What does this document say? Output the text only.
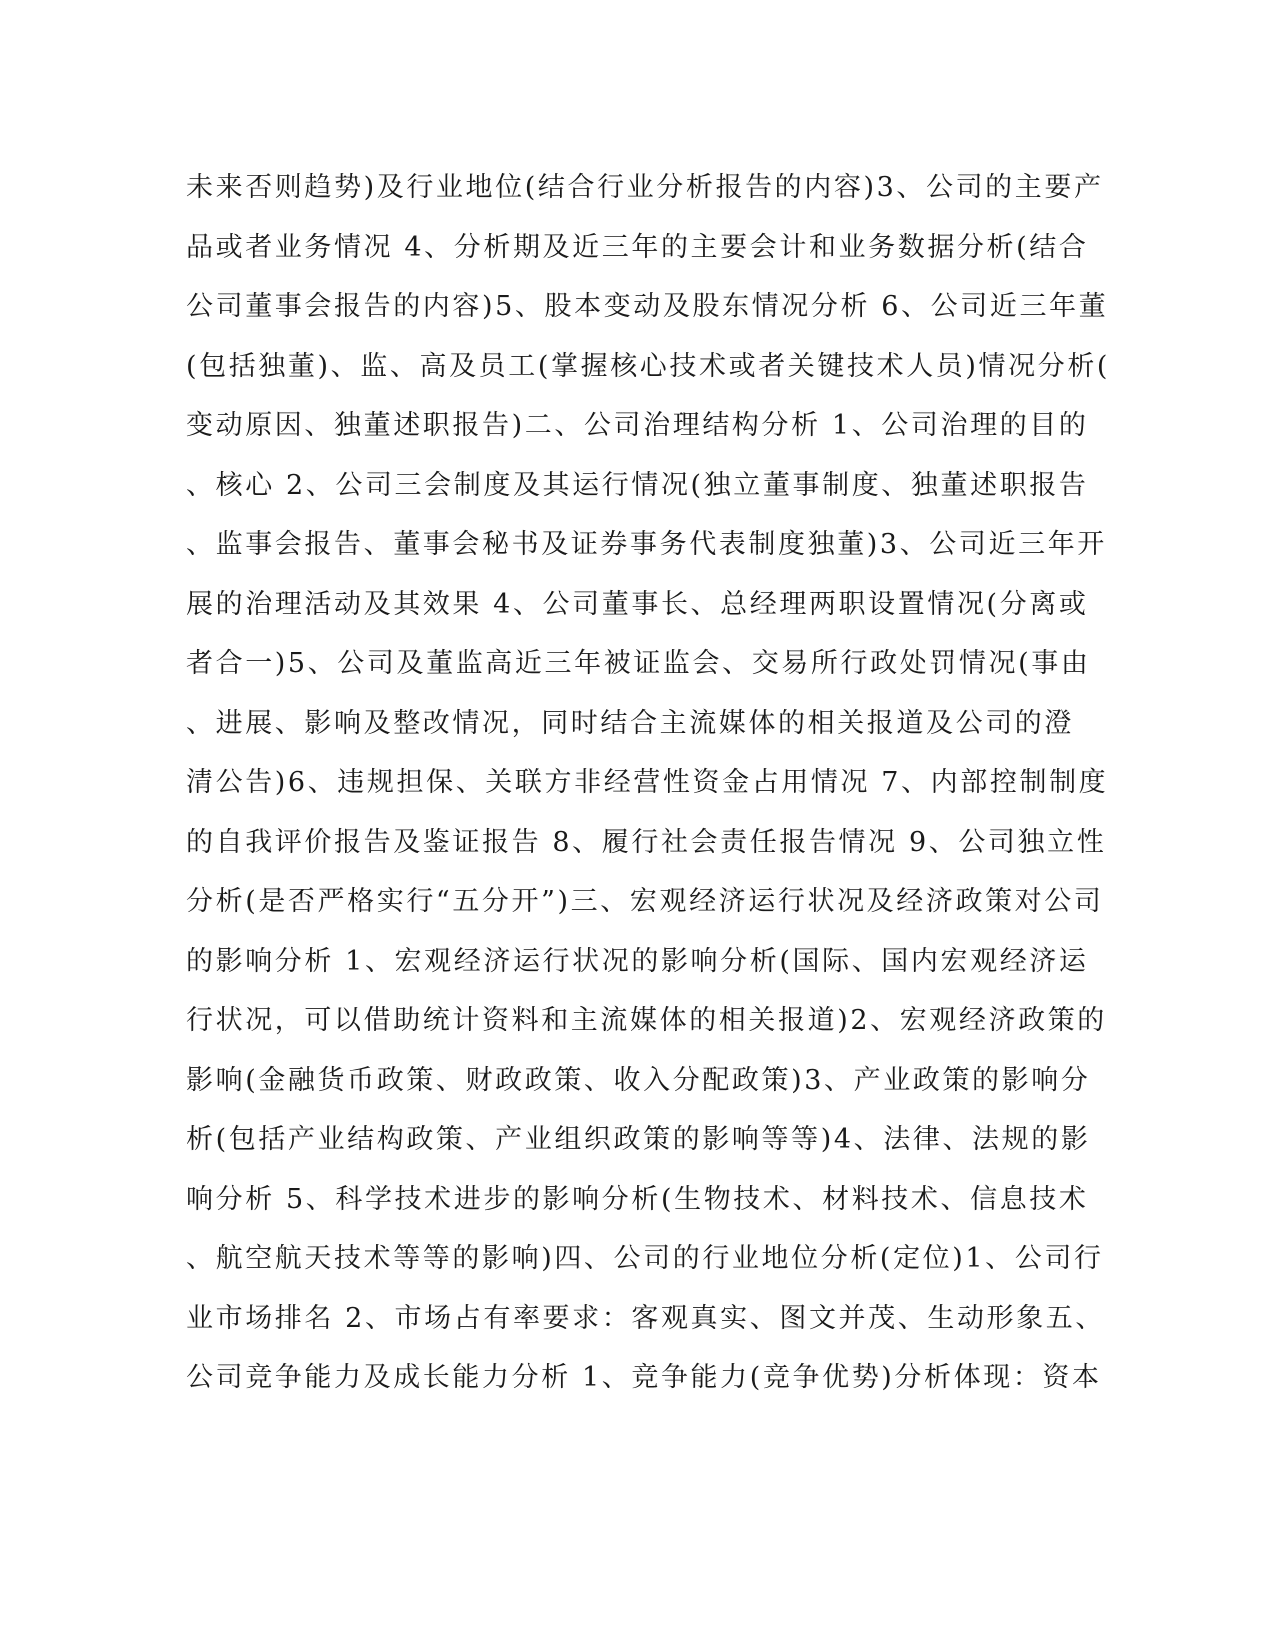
未来否则趋势)及行业地位(结合行业分析报告的内容)3、公司的主要产
品或者业务情况 4、分析期及近三年的主要会计和业务数据分析(结合
公司董事会报告的内容)5、股本变动及股东情况分析 6、公司近三年董
(包括独董)、监、高及员工(掌握核心技术或者关键技术人员)情况分析(
变动原因、独董述职报告)二、公司治理结构分析 1、公司治理的目的
、核心 2、公司三会制度及其运行情况(独立董事制度、独董述职报告
、监事会报告、董事会秘书及证券事务代表制度独董)3、公司近三年开
展的治理活动及其效果 4、公司董事长、总经理两职设置情况(分离或
者合一)5、公司及董监高近三年被证监会、交易所行政处罚情况(事由
、进展、影响及整改情况，同时结合主流媒体的相关报道及公司的澄
清公告)6、违规担保、关联方非经营性资金占用情况 7、内部控制制度
的自我评价报告及鉴证报告 8、履行社会责任报告情况 9、公司独立性
分析(是否严格实行“五分开”)三、宏观经济运行状况及经济政策对公司
的影响分析 1、宏观经济运行状况的影响分析(国际、国内宏观经济运
行状况，可以借助统计资料和主流媒体的相关报道)2、宏观经济政策的
影响(金融货币政策、财政政策、收入分配政策)3、产业政策的影响分
析(包括产业结构政策、产业组织政策的影响等等)4、法律、法规的影
响分析 5、科学技术进步的影响分析(生物技术、材料技术、信息技术
、航空航天技术等等的影响)四、公司的行业地位分析(定位)1、公司行
业市场排名 2、市场占有率要求：客观真实、图文并茂、生动形象五、
公司竞争能力及成长能力分析 1、竞争能力(竞争优势)分析体现：资本
